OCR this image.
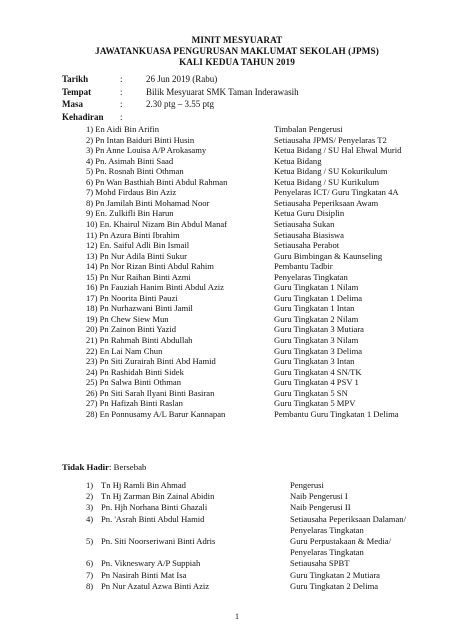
MINIT MESYUARAT
JAWATANKUASA PENGURUSAN MAKLUMAT SEKOLAH (JPMS)
KALI KEDUA TAHUN 2019
Tarikh	:	26 Jun 2019 (Rabu)
Tempat	:	Bilik Mesyuarat SMK Taman Inderawasih
Masa	:	2.30 ptg – 3.55 ptg
Kehadiran :
1) En Aidi Bin Arifin	Timbalan Pengerusi
2) Pn Intan Baiduri Binti Husin	Setiausaha JPMS/ Penyelaras T2
3) Pn Anne Louisa A/P Arokasamy	Ketua Bidang / SU Hal Ehwal Murid
4) Pn. Asimah Binti Saad	Ketua Bidang
5) Pn. Rosnah Binti Othman	Ketua Bidang / SU Kokurikulum
6) Pn Wan Basthiah Binti Abdul Rahman	Ketua Bidang / SU Kurikulum
7) Mohd Firdaus Bin Aziz	Penyelaras ICT/ Guru Tingkatan 4A
8) Pn Jamilah Binti Mohamad Noor	Setiausaha Peperiksaan Awam
9) En. Zulkifli Bin Harun	Ketua Guru Disiplin
10) En. Khairul Nizam Bin Abdul Manaf	Setiausaha Sukan
11) Pn Azura Binti Ibrahim	Setiausaha Biasiswa
12) En. Saiful Adli Bin Ismail	Setiausaha Perabot
13) Pn Nur Adila Binti Sukur	Guru Bimbingan & Kaunseling
14) Pn Nor Rizan Binti Abdul Rahim	Pembantu Tadbir
15) Pn Nur Raihan Binti Azmi	Penyelaras Tingkatan
16) Pn Fauziah Hanim Binti Abdul Aziz	Guru Tingkatan 1 Nilam
17) Pn Noorita Binti Pauzi	Guru Tingkatan 1 Delima
18) Pn Nurhazwani Binti Jamil	Guru Tingkatan 1 Intan
19) Pn Chew Siew Mun	Guru Tingkatan 2 Nilam
20) Pn Zainon Binti Yazid	Guru Tingkatan 3 Mutiara
21) Pn Rahmah Binti Abdullah	Guru Tingkatan 3 Nilam
22) En Lai Nam Chun	Guru Tingkatan 3 Delima
23) Pn Siti Zurairah Binti Abd Hamid	Guru Tingkatan 3 Intan
24) Pn Rashidah Binti Sidek	Guru Tingkatan 4 SN/TK
25) Pn Salwa Binti Othman	Guru Tingkatan 4 PSV 1
26) Pn Siti Sarah Ilyani Binti Basiran	Guru Tingkatan 5 SN
27) Pn Hafizah Binti Raslan	Guru Tingkatan 5 MPV
28) En Ponnusamy A/L Barur Kannapan	Pembantu Guru Tingkatan 1 Delima
Tidak Hadir: Bersebab
1) Tn Hj Ramli Bin Ahmad	Pengerusi
2) Tn Hj Zarman Bin Zainal Abidin	Naib Pengerusi I
3) Pn. Hjh Norhana Binti Ghazali	Naib Pengerusi II
4) Pn. 'Asrah Binti Abdul Hamid	Setiausaha Peperiksaan Dalaman/
Penyelaras Tingkatan
5) Pn. Siti Noorseriwani Binti Adris	Guru Perpustakaan & Media/
Penyelaras Tingkatan
6) Pn. Vikneswary A/P Suppiah	Setiausaha SPBT
7) Pn Nasirah Binti Mat Isa	Guru Tingkatan 2 Mutiara
8) Pn Nur Azatul Azwa Binti Aziz	Guru Tingkatan 2 Delima
1
